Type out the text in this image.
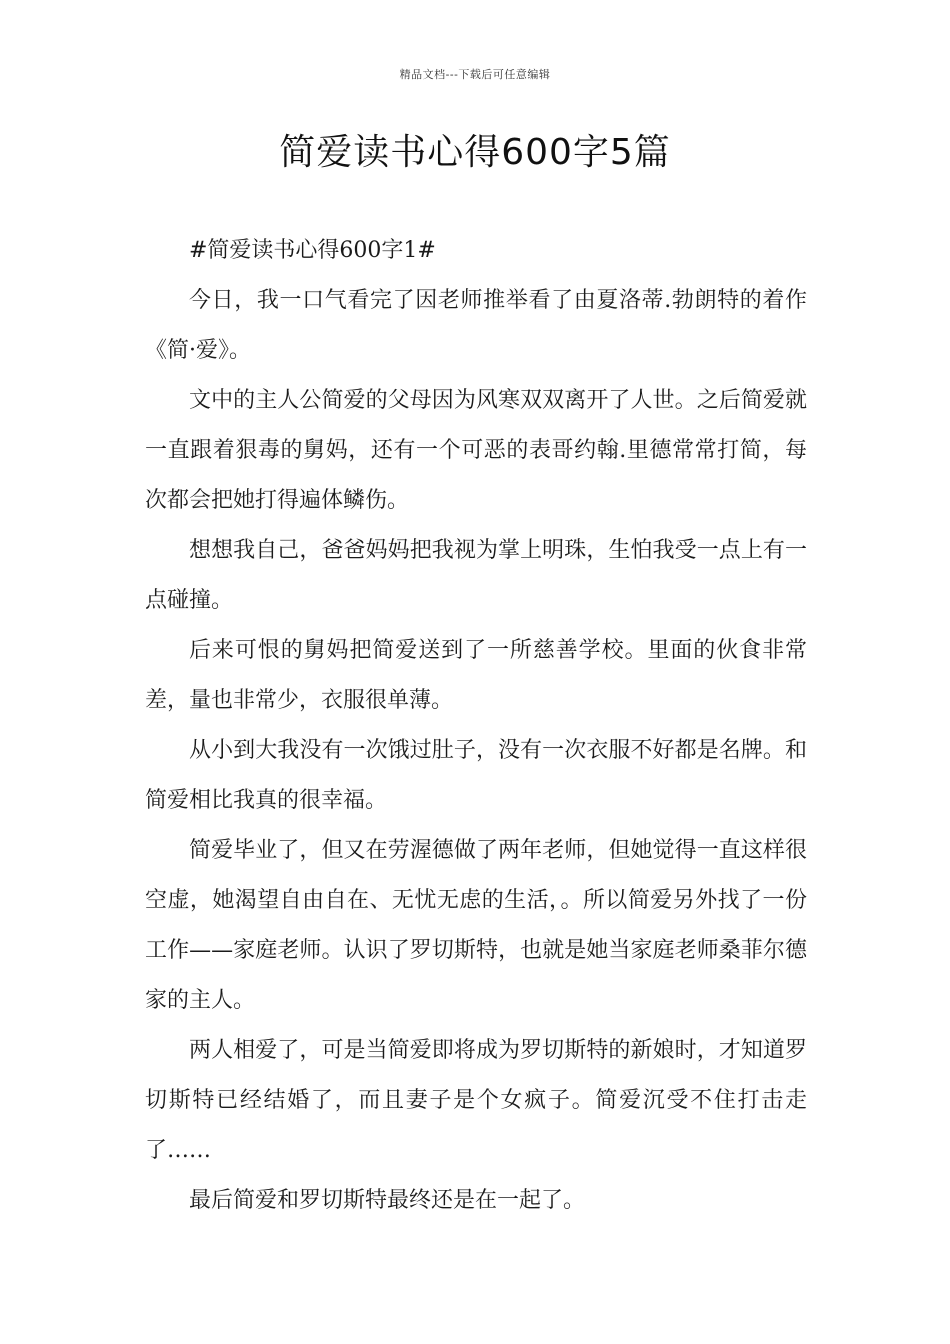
精品文档---下载后可任意编辑
简爱读书心得600字5篇

#简爱读书心得600字1#

今日，我一口气看完了因老师推举看了由夏洛蒂.勃朗特的着作《简·爱》。

文中的主人公简爱的父母因为风寒双双离开了人世。之后简爱就一直跟着狠毒的舅妈，还有一个可恶的表哥约翰.里德常常打简，每次都会把她打得遍体鳞伤。

想想我自己，爸爸妈妈把我视为掌上明珠，生怕我受一点上有一点碰撞。

后来可恨的舅妈把简爱送到了一所慈善学校。里面的伙食非常差，量也非常少，衣服很单薄。

从小到大我没有一次饿过肚子，没有一次衣服不好都是名牌。和简爱相比我真的很幸福。

简爱毕业了，但又在劳渥德做了两年老师，但她觉得一直这样很空虚，她渴望自由自在、无忧无虑的生活，。所以简爱另外找了一份工作——家庭老师。认识了罗切斯特，也就是她当家庭老师桑菲尔德家的主人。

两人相爱了，可是当简爱即将成为罗切斯特的新娘时，才知道罗切斯特已经结婚了，而且妻子是个女疯子。简爱沉受不住打击走了……

最后简爱和罗切斯特最终还是在一起了。
